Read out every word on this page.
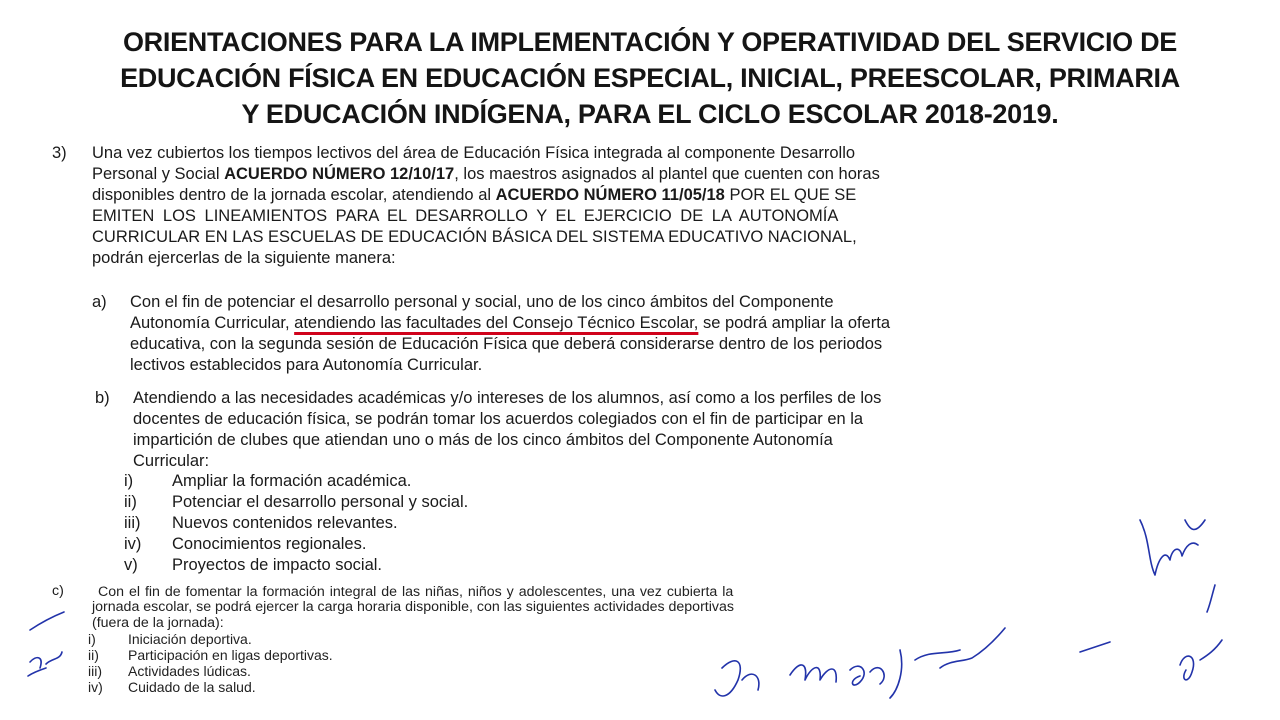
ORIENTACIONES PARA LA IMPLEMENTACIÓN Y OPERATIVIDAD DEL SERVICIO DE
EDUCACIÓN FÍSICA EN EDUCACIÓN ESPECIAL, INICIAL, PREESCOLAR, PRIMARIA
Y EDUCACIÓN INDÍGENA, PARA EL CICLO ESCOLAR 2018-2019.
3) Una vez cubiertos los tiempos lectivos del área de Educación Física integrada al componente Desarrollo
Personal y Social ACUERDO NÚMERO 12/10/17, los maestros asignados al plantel que cuenten con horas
disponibles dentro de la jornada escolar, atendiendo al ACUERDO NÚMERO 11/05/18 POR EL QUE SE
EMITEN LOS LINEAMIENTOS PARA EL DESARROLLO Y EL EJERCICIO DE LA AUTONOMÍA
CURRICULAR EN LAS ESCUELAS DE EDUCACIÓN BÁSICA DEL SISTEMA EDUCATIVO NACIONAL,
podrán ejercerlas de la siguiente manera:
a) Con el fin de potenciar el desarrollo personal y social, uno de los cinco ámbitos del Componente
Autonomía Curricular, atendiendo las facultades del Consejo Técnico Escolar, se podrá ampliar la oferta
educativa, con la segunda sesión de Educación Física que deberá considerarse dentro de los periodos
lectivos establecidos para Autonomía Curricular.
b) Atendiendo a las necesidades académicas y/o intereses de los alumnos, así como a los perfiles de los
docentes de educación física, se podrán tomar los acuerdos colegiados con el fin de participar en la
impartición de clubes que atiendan uno o más de los cinco ámbitos del Componente Autonomía
Curricular:
i) Ampliar la formación académica.
ii) Potenciar el desarrollo personal y social.
iii) Nuevos contenidos relevantes.
iv) Conocimientos regionales.
v) Proyectos de impacto social.
c)	Con el fin de fomentar la formación integral de las niñas, niños y adolescentes, una vez cubierta la
jornada escolar, se podrá ejercer la carga horaria disponible, con las siguientes actividades deportivas
(fuera de la jornada):
i) Iniciación deportiva.
ii) Participación en ligas deportivas.
iii) Actividades lúdicas.
iv) Cuidado de la salud.
